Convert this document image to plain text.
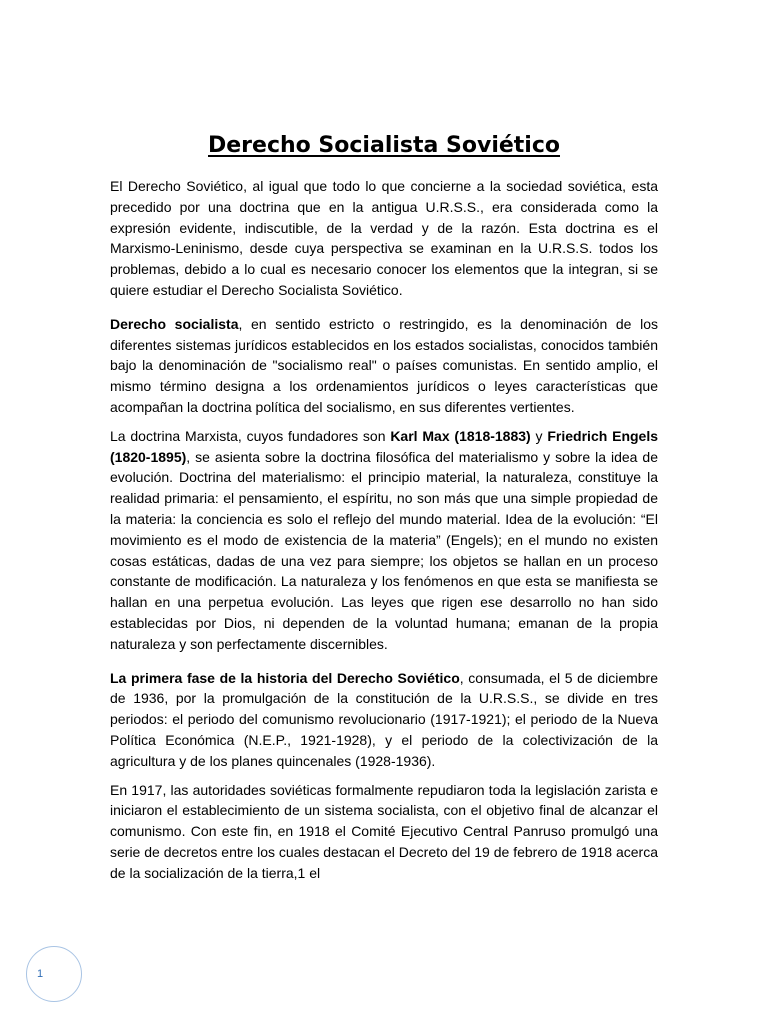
Derecho Socialista Soviético

El Derecho Soviético, al igual que todo lo que concierne a la sociedad soviética, esta precedido por una doctrina que en la antigua U.R.S.S., era considerada como la expresión evidente, indiscutible, de la verdad y de la razón. Esta doctrina es el Marxismo-Leninismo, desde cuya perspectiva se examinan en la U.R.S.S. todos los problemas, debido a lo cual es necesario conocer los elementos que la integran, si se quiere estudiar el Derecho Socialista Soviético.

Derecho socialista, en sentido estricto o restringido, es la denominación de los diferentes sistemas jurídicos establecidos en los estados socialistas, conocidos también bajo la denominación de "socialismo real" o países comunistas. En sentido amplio, el mismo término designa a los ordenamientos jurídicos o leyes características que acompañan la doctrina política del socialismo, en sus diferentes vertientes.

La doctrina Marxista, cuyos fundadores son Karl Max (1818-1883) y Friedrich Engels (1820-1895), se asienta sobre la doctrina filosófica del materialismo y sobre la idea de evolución. Doctrina del materialismo: el principio material, la naturaleza, constituye la realidad primaria: el pensamiento, el espíritu, no son más que una simple propiedad de la materia: la conciencia es solo el reflejo del mundo material. Idea de la evolución: “El movimiento es el modo de existencia de la materia” (Engels); en el mundo no existen cosas estáticas, dadas de una vez para siempre; los objetos se hallan en un proceso constante de modificación. La naturaleza y los fenómenos en que esta se manifiesta se hallan en una perpetua evolución. Las leyes que rigen ese desarrollo no han sido establecidas por Dios, ni dependen de la voluntad humana; emanan de la propia naturaleza y son perfectamente discernibles.

La primera fase de la historia del Derecho Soviético, consumada, el 5 de diciembre de 1936, por la promulgación de la constitución de la U.R.S.S., se divide en tres periodos: el periodo del comunismo revolucionario (1917-1921); el periodo de la Nueva Política Económica (N.E.P., 1921-1928), y el periodo de la colectivización de la agricultura y de los planes quincenales (1928-1936).

En 1917, las autoridades soviéticas formalmente repudiaron toda la legislación zarista e iniciaron el establecimiento de un sistema socialista, con el objetivo final de alcanzar el comunismo. Con este fin, en 1918 el Comité Ejecutivo Central Panruso promulgó una serie de decretos entre los cuales destacan el Decreto del 19 de febrero de 1918 acerca de la socialización de la tierra,1 el

1
